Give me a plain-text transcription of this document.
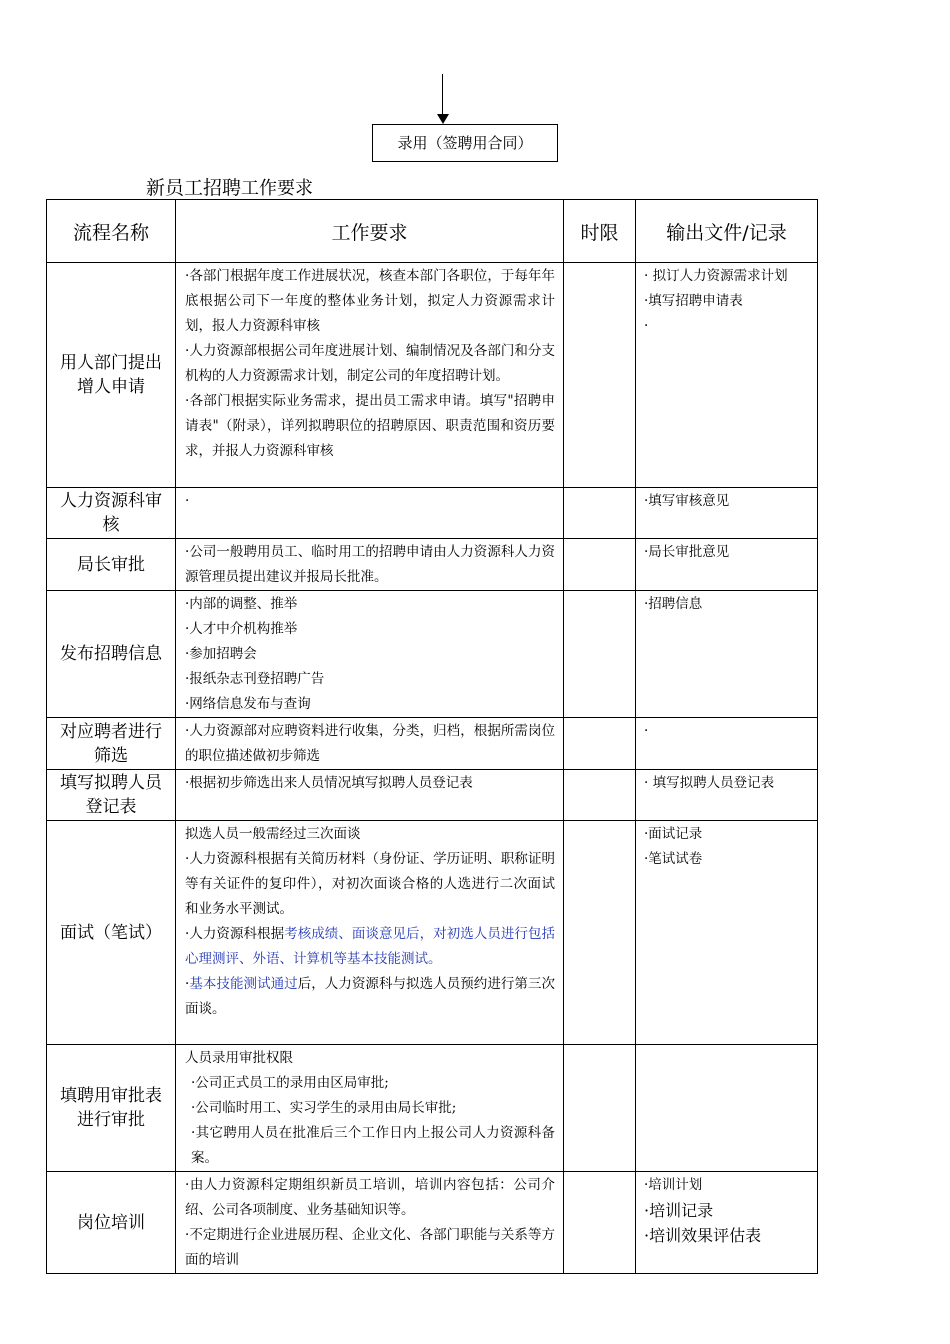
录用（签聘用合同）
新员工招聘工作要求
流程名称	工作要求	时限	输出文件/记录
用人部门提出增人申请	·各部门根据年度工作进展状况，核查本部门各职位，于每年年底根据公司下一年度的整体业务计划，拟定人力资源需求计划，报人力资源科审核
·人力资源部根据公司年度进展计划、编制情况及各部门和分支机构的人力资源需求计划，制定公司的年度招聘计划。
·各部门根据实际业务需求，提出员工需求申请。填写"招聘申请表"（附录），详列拟聘职位的招聘原因、职责范围和资历要求，并报人力资源科审核		· 拟订人力资源需求计划
·填写招聘申请表
·

人力资源科审核	·		·填写审核意见

局长审批	·公司一般聘用员工、临时用工的招聘申请由人力资源科人力资源管理员提出建议并报局长批准。		·局长审批意见

发布招聘信息	·内部的调整、推举
·人才中介机构推举
·参加招聘会
·报纸杂志刊登招聘广告
·网络信息发布与查询		·招聘信息

对应聘者进行筛选	·人力资源部对应聘资料进行收集，分类，归档，根据所需岗位的职位描述做初步筛选		·

填写拟聘人员登记表	·根据初步筛选出来人员情况填写拟聘人员登记表		· 填写拟聘人员登记表

面试（笔试）	拟选人员一般需经过三次面谈
·人力资源科根据有关简历材料（身份证、学历证明、职称证明等有关证件的复印件），对初次面谈合格的人选进行二次面试和业务水平测试。
·人力资源科根据考核成绩、面谈意见后，对初选人员进行包括心理测评、外语、计算机等基本技能测试。
·基本技能测试通过后，人力资源科与拟选人员预约进行第三次面谈。		·面试记录
·笔试试卷

填聘用审批表进行审批	人员录用审批权限
·公司正式员工的录用由区局审批;
·公司临时用工、实习学生的录用由局长审批;
·其它聘用人员在批准后三个工作日内上报公司人力资源科备案。		

岗位培训	·由人力资源科定期组织新员工培训，培训内容包括：公司介绍、公司各项制度、业务基础知识等。
·不定期进行企业进展历程、企业文化、各部门职能与关系等方面的培训		·培训计划
·培训记录
·培训效果评估表
